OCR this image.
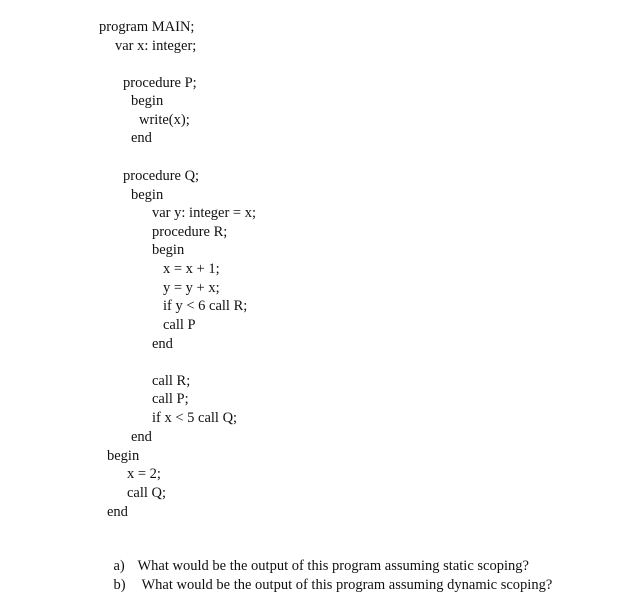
program MAIN;
var x: integer;
procedure P;
begin
write(x);
end
procedure Q;
begin
var y: integer = x;
procedure R;
begin
x = x + 1;
y = y + x;
if y < 6 call R;
call P
end
call R;
call P;
if x < 5 call Q;
end
begin
x = 2;
call Q;
end

a) What would be the output of this program assuming static scoping?

b) What would be the output of this program assuming dynamic scoping?
